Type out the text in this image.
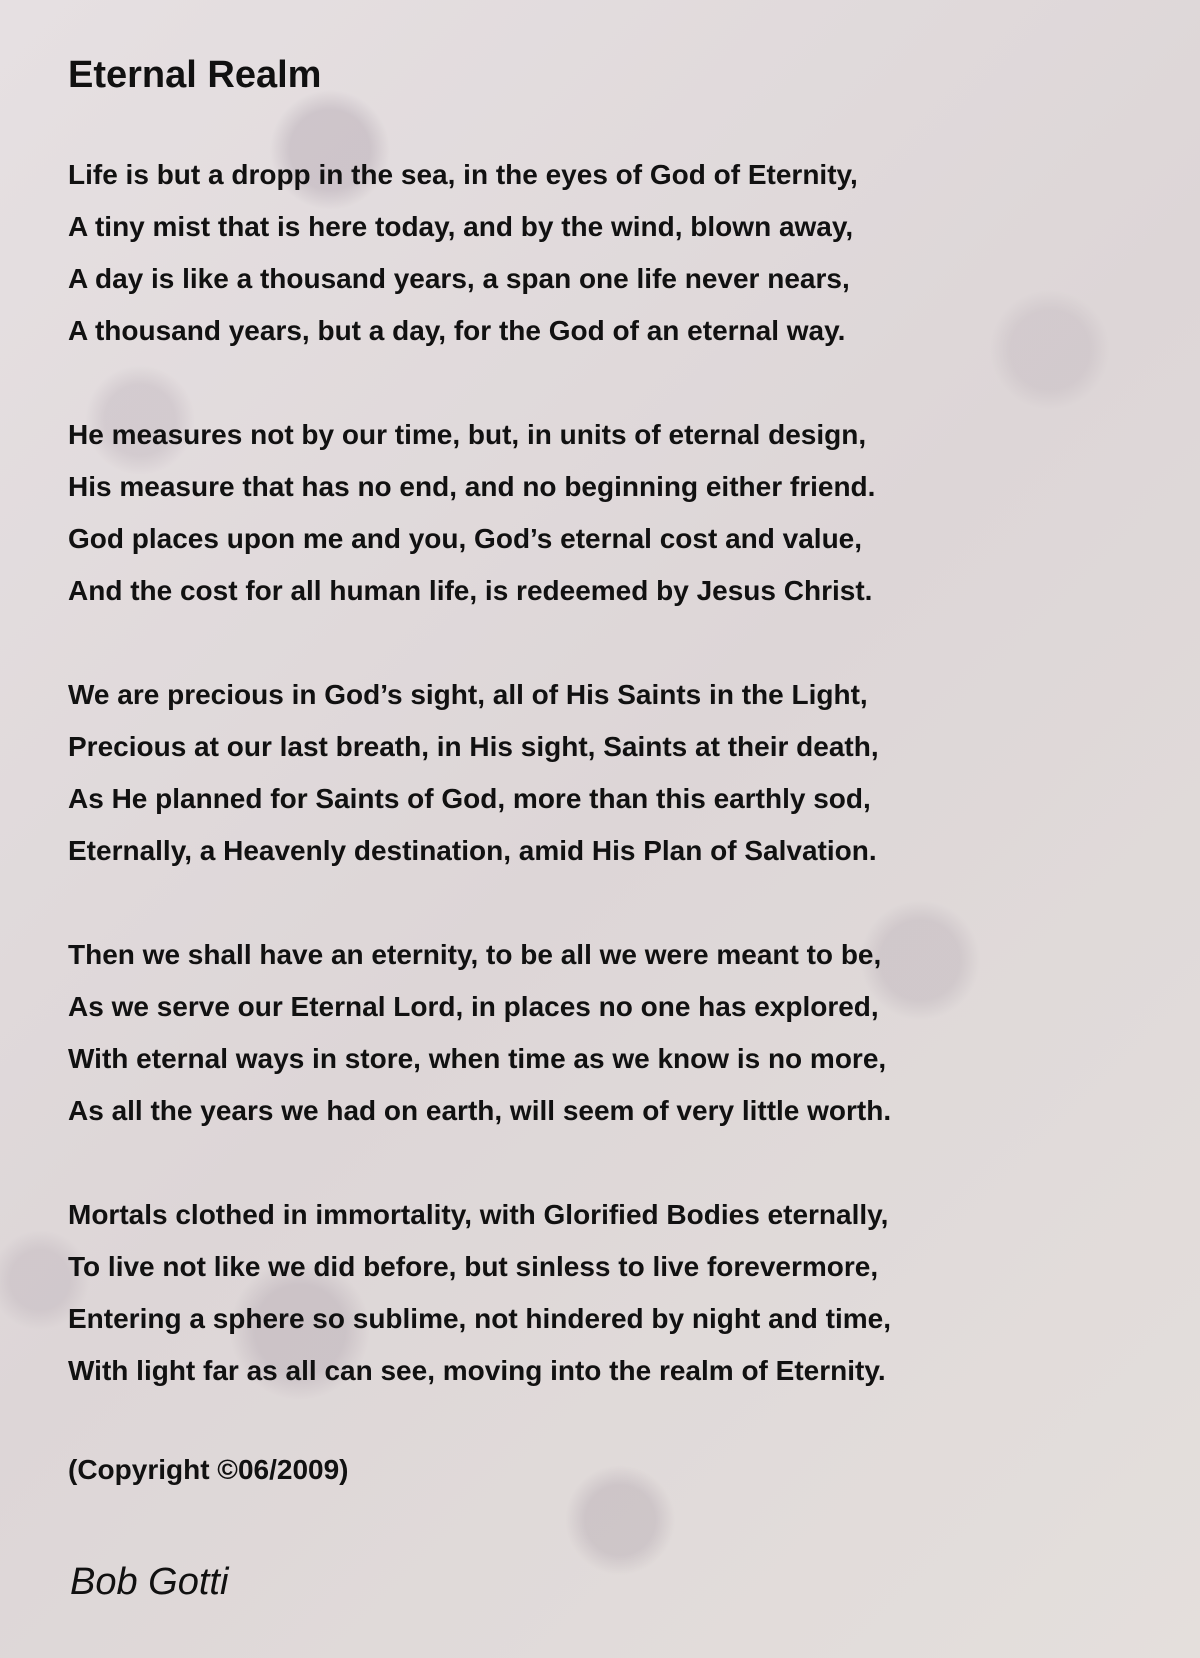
Eternal Realm
Life is but a dropp in the sea, in the eyes of God of Eternity,
A tiny mist that is here today, and by the wind, blown away,
A day is like a thousand years, a span one life never nears,
A thousand years, but a day, for the God of an eternal way.
He measures not by our time, but, in units of eternal design,
His measure that has no end, and no beginning either friend.
God places upon me and you, God’s eternal cost and value,
And the cost for all human life, is redeemed by Jesus Christ.
We are precious in God’s sight, all of His Saints in the Light,
Precious at our last breath, in His sight, Saints at their death,
As He planned for Saints of God, more than this earthly sod,
Eternally, a Heavenly destination, amid His Plan of Salvation.
Then we shall have an eternity, to be all we were meant to be,
As we serve our Eternal Lord, in places no one has explored,
With eternal ways in store, when time as we know is no more,
As all the years we had on earth, will seem of very little worth.
Mortals clothed in immortality, with Glorified Bodies eternally,
To live not like we did before, but sinless to live forevermore,
Entering a sphere so sublime, not hindered by night and time,
With light far as all can see, moving into the realm of Eternity.
(Copyright ©06/2009)
Bob Gotti
